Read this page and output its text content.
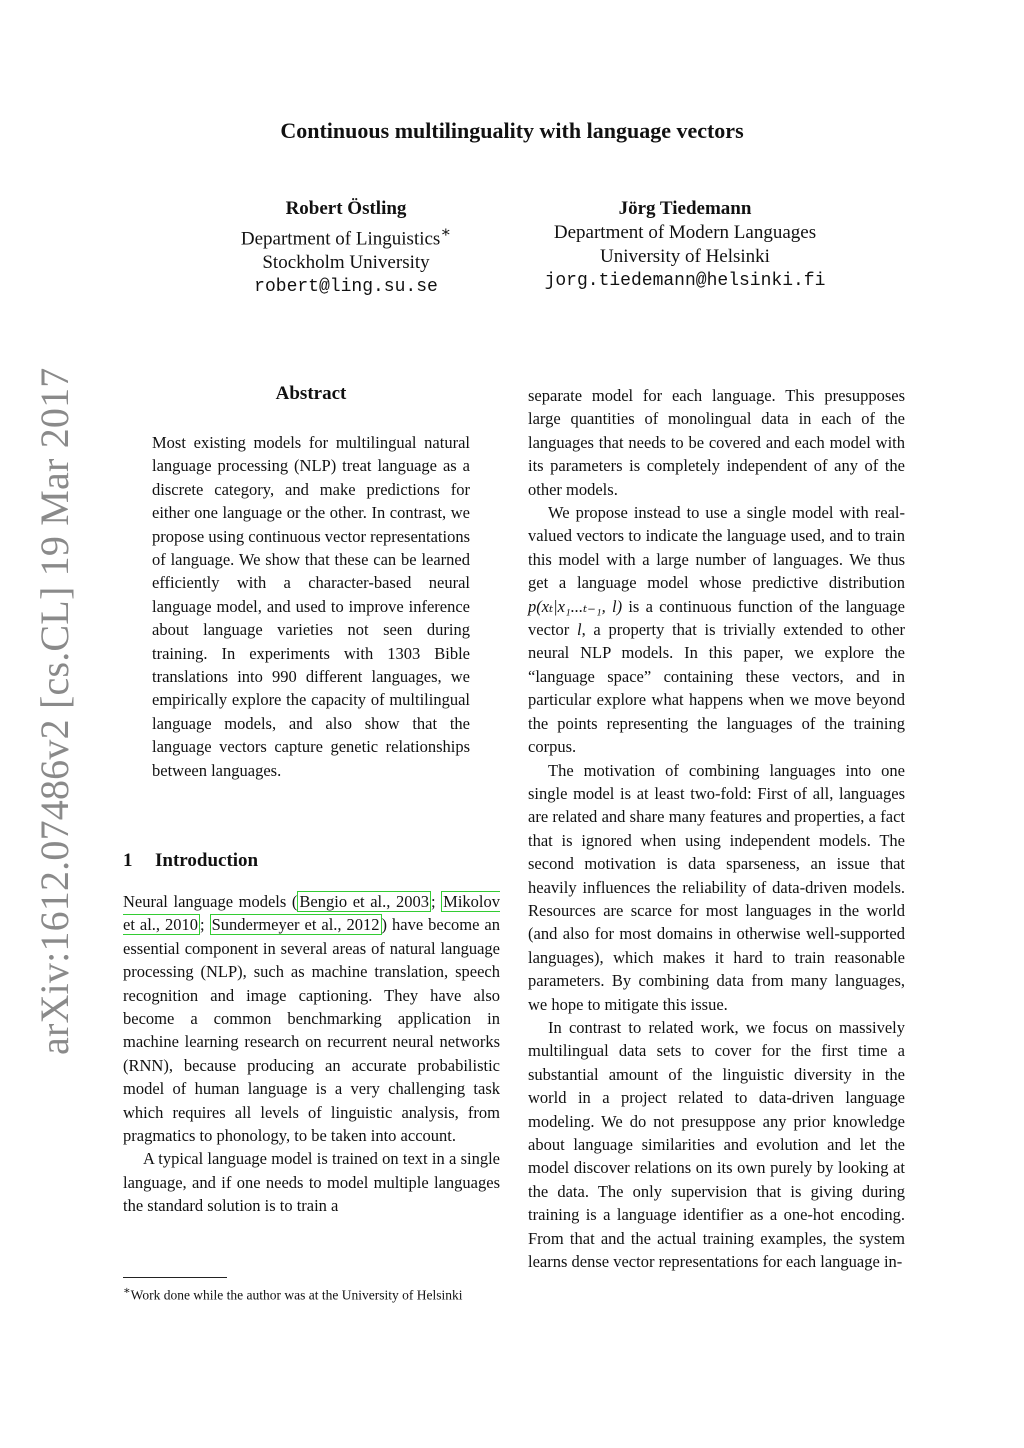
arXiv:1612.07486v2 [cs.CL] 19 Mar 2017
Continuous multilinguality with language vectors
Robert Östling
Department of Linguistics∗
Stockholm University
robert@ling.su.se
Jörg Tiedemann
Department of Modern Languages
University of Helsinki
jorg.tiedemann@helsinki.fi
Abstract
Most existing models for multilingual natural language processing (NLP) treat language as a discrete category, and make predictions for either one language or the other. In contrast, we propose using continuous vector representations of language. We show that these can be learned efficiently with a character-based neural language model, and used to improve inference about language varieties not seen during training. In experiments with 1303 Bible translations into 990 different languages, we empirically explore the capacity of multilingual language models, and also show that the language vectors capture genetic relationships between languages.
1 Introduction

Neural language models ( Bengio et al., 2003 ; Mikolov et al., 2010 ; Sundermeyer et al., 2012 ) have become an essential component in several areas of natural language processing (NLP), such as machine translation, speech recognition and image captioning. They have also become a common benchmarking application in machine learning research on recurrent neural networks (RNN), because producing an accurate probabilistic model of human language is a very challenging task which requires all levels of linguistic analysis, from pragmatics to phonology, to be taken into account.

A typical language model is trained on text in a single language, and if one needs to model multiple languages the standard solution is to train a

separate model for each language. This presupposes large quantities of monolingual data in each of the languages that needs to be covered and each model with its parameters is completely independent of any of the other models.

We propose instead to use a single model with real-valued vectors to indicate the language used, and to train this model with a large number of languages. We thus get a language model whose predictive distribution p(xₜ|x₁...ₜ₋₁, l) is a continuous function of the language vector l, a property that is trivially extended to other neural NLP models. In this paper, we explore the “language space” containing these vectors, and in particular explore what happens when we move beyond the points representing the languages of the training corpus.

The motivation of combining languages into one single model is at least two-fold: First of all, languages are related and share many features and properties, a fact that is ignored when using independent models. The second motivation is data sparseness, an issue that heavily influences the reliability of data-driven models. Resources are scarce for most languages in the world (and also for most domains in otherwise well-supported languages), which makes it hard to train reasonable parameters. By combining data from many languages, we hope to mitigate this issue.

In contrast to related work, we focus on massively multilingual data sets to cover for the first time a substantial amount of the linguistic diversity in the world in a project related to data-driven language modeling. We do not presuppose any prior knowledge about language similarities and evolution and let the model discover relations on its own purely by looking at the data. The only supervision that is giving during training is a language identifier as a one-hot encoding. From that and the actual training examples, the system learns dense vector representations for each language in-

∗Work done while the author was at the University of Helsinki
